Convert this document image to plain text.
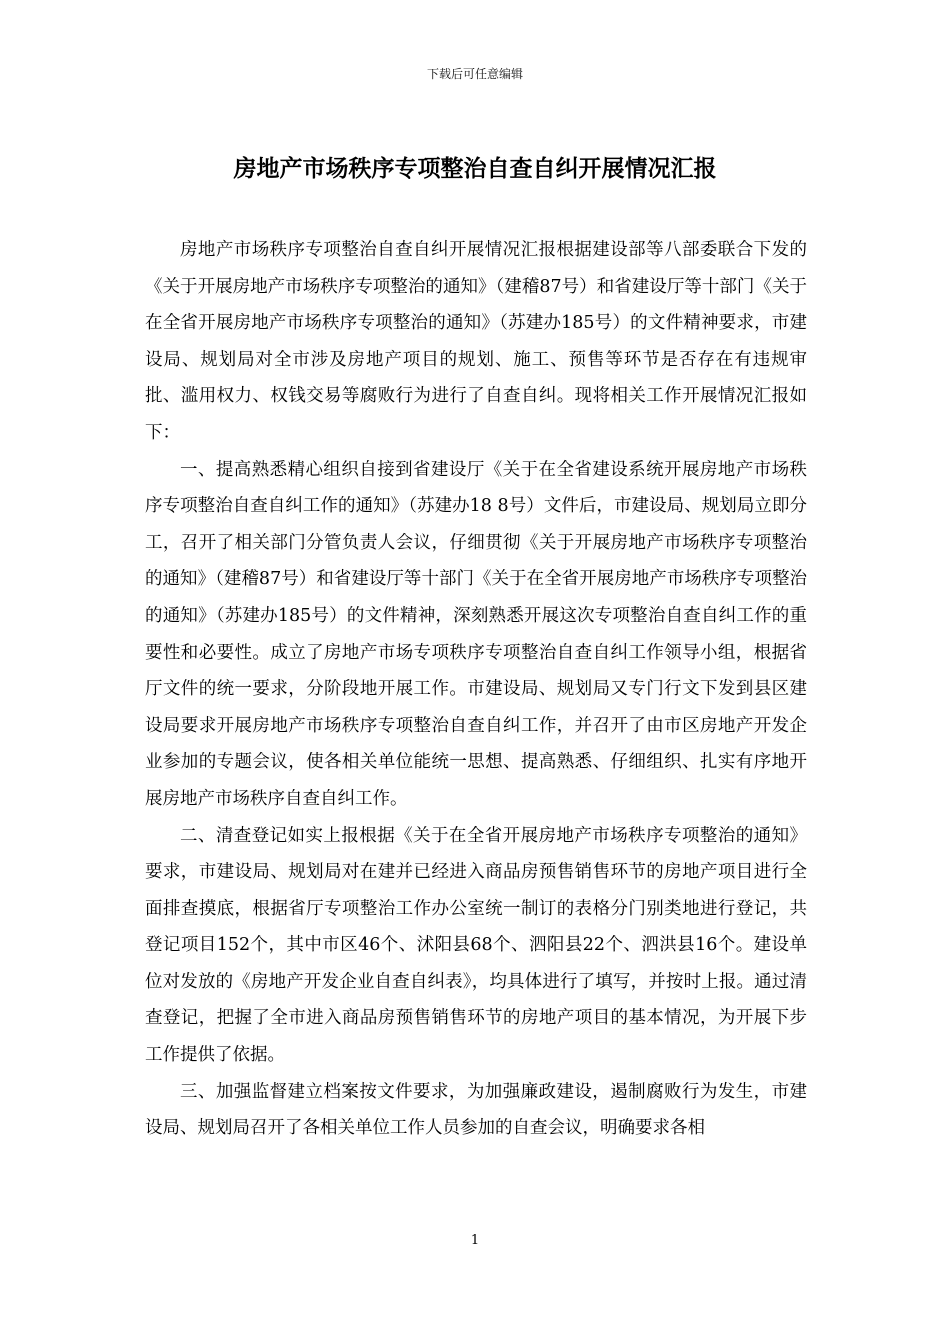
下载后可任意编辑
房地产市场秩序专项整治自查自纠开展情况汇报

房地产市场秩序专项整治自查自纠开展情况汇报根据建设部等八部委联合下发的《关于开展房地产市场秩序专项整治的通知》（建稽87号）和省建设厅等十部门《关于在全省开展房地产市场秩序专项整治的通知》（苏建办185号）的文件精神要求，市建设局、规划局对全市涉及房地产项目的规划、施工、预售等环节是否存在有违规审批、滥用权力、权钱交易等腐败行为进行了自查自纠。现将相关工作开展情况汇报如下：

一、提高熟悉精心组织自接到省建设厅《关于在全省建设系统开展房地产市场秩序专项整治自查自纠工作的通知》（苏建办18 8号）文件后，市建设局、规划局立即分工，召开了相关部门分管负责人会议，仔细贯彻《关于开展房地产市场秩序专项整治的通知》（建稽87号）和省建设厅等十部门《关于在全省开展房地产市场秩序专项整治的通知》（苏建办185号）的文件精神，深刻熟悉开展这次专项整治自查自纠工作的重要性和必要性。成立了房地产市场专项秩序专项整治自查自纠工作领导小组，根据省厅文件的统一要求，分阶段地开展工作。市建设局、规划局又专门行文下发到县区建设局要求开展房地产市场秩序专项整治自查自纠工作，并召开了由市区房地产开发企业参加的专题会议，使各相关单位能统一思想、提高熟悉、仔细组织、扎实有序地开展房地产市场秩序自查自纠工作。

二、清查登记如实上报根据《关于在全省开展房地产市场秩序专项整治的通知》要求，市建设局、规划局对在建并已经进入商品房预售销售环节的房地产项目进行全面排查摸底，根据省厅专项整治工作办公室统一制订的表格分门别类地进行登记，共登记项目152个，其中市区46个、沭阳县68个、泗阳县22个、泗洪县16个。建设单位对发放的《房地产开发企业自查自纠表》，均具体进行了填写，并按时上报。通过清查登记，把握了全市进入商品房预售销售环节的房地产项目的基本情况，为开展下步工作提供了依据。

三、加强监督建立档案按文件要求，为加强廉政建设，遏制腐败行为发生，市建设局、规划局召开了各相关单位工作人员参加的自查会议，明确要求各相

1
